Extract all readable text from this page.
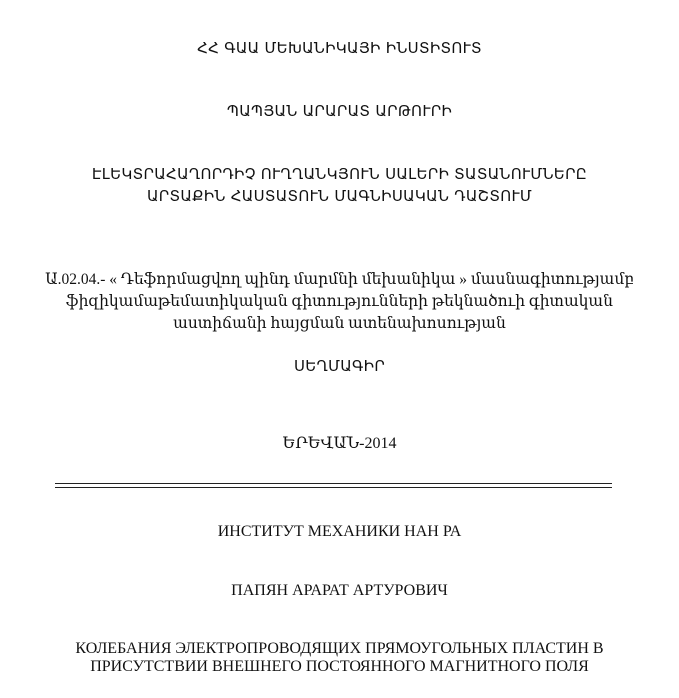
ՀՀ ԳԱԱ ՄԵԽԱՆԻԿԱՅԻ ԻՆՍՏԻՏՈՒՏ
ՊԱՊՅԱՆ ԱՐԱՐԱՏ ԱՐԹՈՒՐԻ
ԷԼԵԿՏՐԱՀԱՂՈՐԴԻՉ ՈՒՂՂԱՆԿՅՈՒՆ ՍԱԼԵՐԻ ՏԱՏԱՆՈՒՄՆԵՐԸ
ԱՐՏԱՔԻՆ ՀԱՍՏԱՏՈՒՆ ՄԱԳՆԻՍԱԿԱՆ ԴԱՇՏՈՒՄ
Ա.02.04.- « Դեֆորմացվող պինդ մարմնի մեխանիկա » մասնագիտությամբ
ֆիզիկամաթեմատիկական գիտությունների թեկնածուի գիտական
աստիճանի հայցման ատենախոսության
ՍԵՂՄԱԳԻՐ
ԵՐԵՎԱՆ-2014
ИНСТИТУТ МЕХАНИКИ НАН РА
ПАПЯН АРАРАТ АРТУРОВИЧ
КОЛЕБАНИЯ ЭЛЕКТРОПРОВОДЯЩИХ ПРЯМОУГОЛЬНЫХ ПЛАСТИН В
ПРИСУТСТВИИ ВНЕШНЕГО ПОСТОЯННОГО МАГНИТНОГО ПОЛЯ
